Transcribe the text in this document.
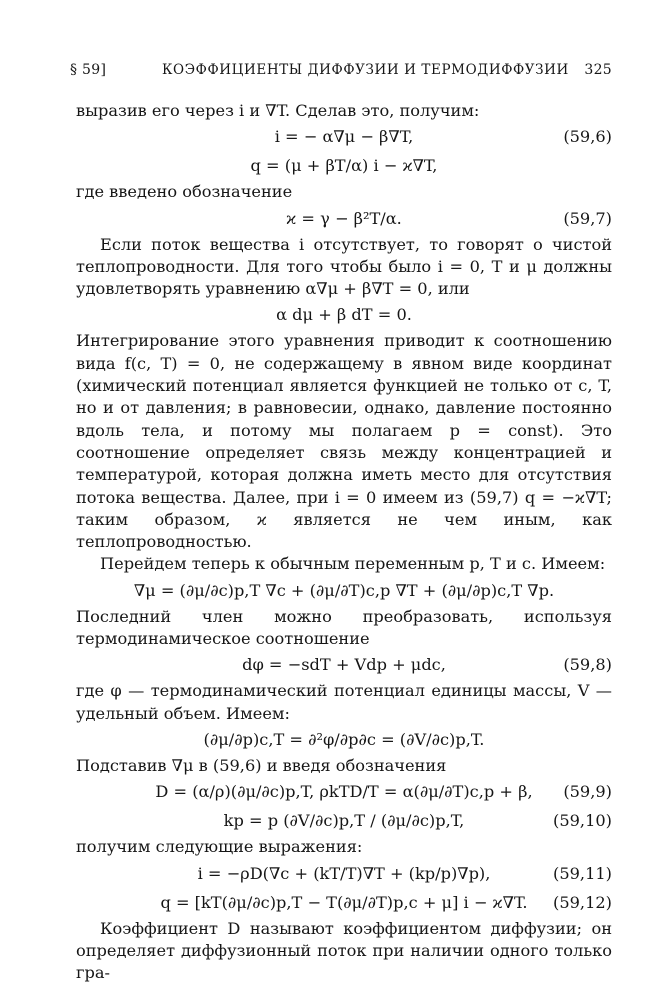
§ 59]	КОЭФФИЦИЕНТЫ ДИФФУЗИИ И ТЕРМОДИФФУЗИИ 325

выразив его через i и ∇T. Сделав это, получим:

i = − α∇μ − β∇T,	(59,6)
q = (μ + βT/α) i − ϰ∇T,

где введено обозначение

ϰ = γ − β²T/α.	(59,7)

Если поток вещества i отсутствует, то говорят о чистой теплопроводности. Для того чтобы было i = 0, T и μ должны удовлетворять уравнению α∇μ + β∇T = 0, или

α dμ + β dT = 0.

Интегрирование этого уравнения приводит к соотношению вида f(c, T) = 0, не содержащему в явном виде координат (химический потенциал является функцией не только от c, T, но и от давления; в равновесии, однако, давление постоянно вдоль тела, и потому мы полагаем p = const). Это соотношение определяет связь между концентрацией и температурой, которая должна иметь место для отсутствия потока вещества. Далее, при i = 0 имеем из (59,7) q = −ϰ∇T; таким образом, ϰ является не чем иным, как теплопроводностью.

Перейдем теперь к обычным переменным p, T и c. Имеем:

∇μ = (∂μ/∂c)p,T ∇c + (∂μ/∂T)c,p ∇T + (∂μ/∂p)c,T ∇p.

Последний член можно преобразовать, используя термодинамическое соотношение

dφ = −sdT + Vdp + μdc,	(59,8)

где φ — термодинамический потенциал единицы массы, V — удельный объем. Имеем:

(∂μ/∂p)c,T = ∂²φ/∂p∂c = (∂V/∂c)p,T.

Подставив ∇μ в (59,6) и введя обозначения

D = (α/ρ)(∂μ/∂c)p,T, ρkTD/T = α(∂μ/∂T)c,p + β,	(59,9)
kp = p (∂V/∂c)p,T / (∂μ/∂c)p,T,	(59,10)

получим следующие выражения:

i = −ρD(∇c + (kT/T)∇T + (kp/p)∇p),	(59,11)
q = [kT(∂μ/∂c)p,T − T(∂μ/∂T)p,c + μ] i − ϰ∇T.	(59,12)

Коэффициент D называют коэффициентом диффузии; он определяет диффузионный поток при наличии одного только гра-
